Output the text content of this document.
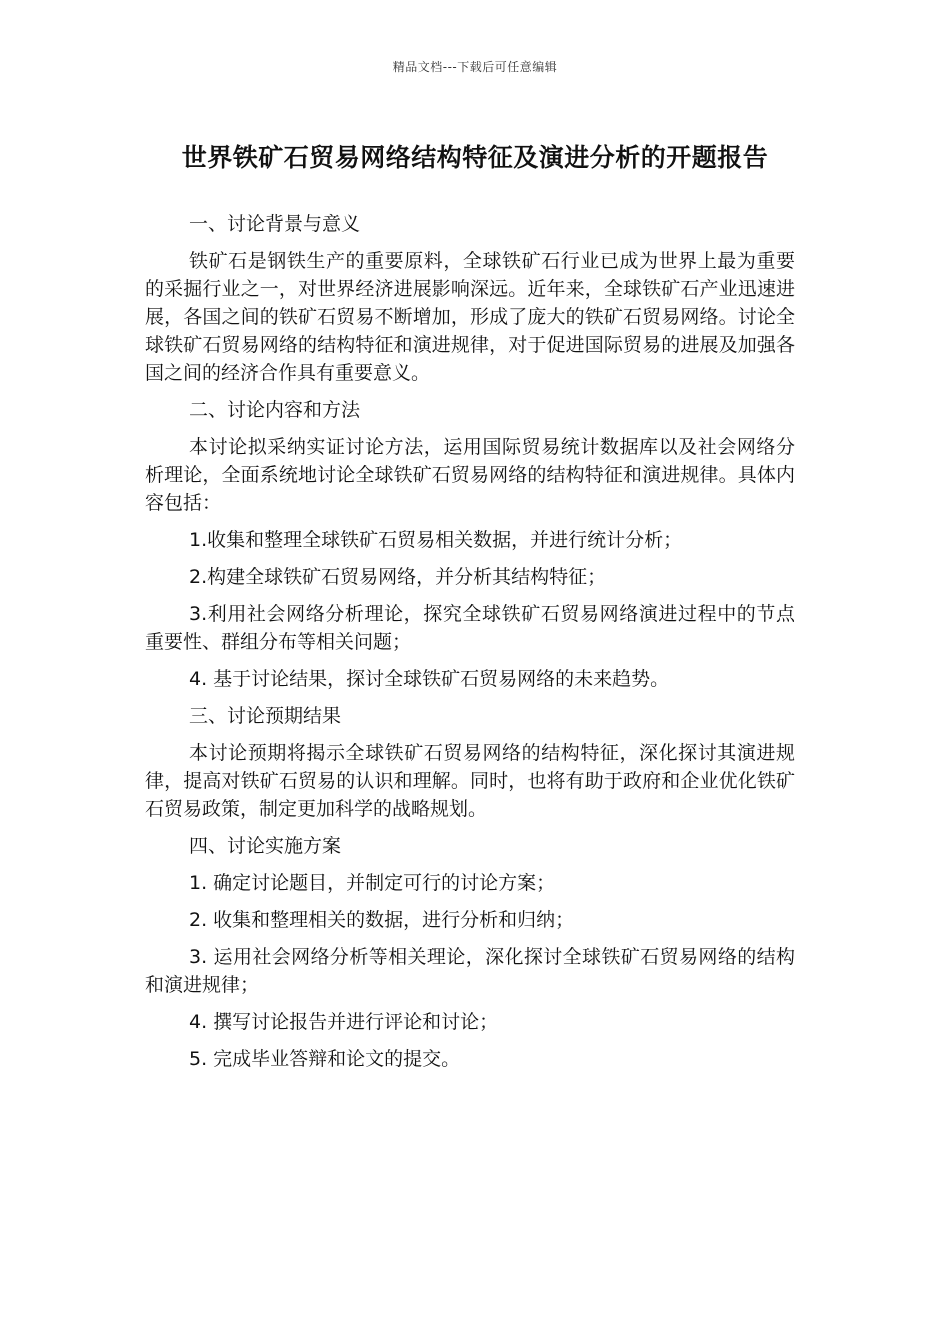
精品文档---下载后可任意编辑
世界铁矿石贸易网络结构特征及演进分析的开题报告

一、讨论背景与意义

铁矿石是钢铁生产的重要原料，全球铁矿石行业已成为世界上最为重要的采掘行业之一，对世界经济进展影响深远。近年来，全球铁矿石产业迅速进展，各国之间的铁矿石贸易不断增加，形成了庞大的铁矿石贸易网络。讨论全球铁矿石贸易网络的结构特征和演进规律，对于促进国际贸易的进展及加强各国之间的经济合作具有重要意义。

二、讨论内容和方法

本讨论拟采纳实证讨论方法，运用国际贸易统计数据库以及社会网络分析理论，全面系统地讨论全球铁矿石贸易网络的结构特征和演进规律。具体内容包括：

1.收集和整理全球铁矿石贸易相关数据，并进行统计分析；

2.构建全球铁矿石贸易网络，并分析其结构特征；

3.利用社会网络分析理论，探究全球铁矿石贸易网络演进过程中的节点重要性、群组分布等相关问题；

4. 基于讨论结果，探讨全球铁矿石贸易网络的未来趋势。

三、讨论预期结果

本讨论预期将揭示全球铁矿石贸易网络的结构特征，深化探讨其演进规律，提高对铁矿石贸易的认识和理解。同时，也将有助于政府和企业优化铁矿石贸易政策，制定更加科学的战略规划。

四、讨论实施方案

1. 确定讨论题目，并制定可行的讨论方案；

2. 收集和整理相关的数据，进行分析和归纳；

3. 运用社会网络分析等相关理论，深化探讨全球铁矿石贸易网络的结构和演进规律；

4. 撰写讨论报告并进行评论和讨论；

5. 完成毕业答辩和论文的提交。
